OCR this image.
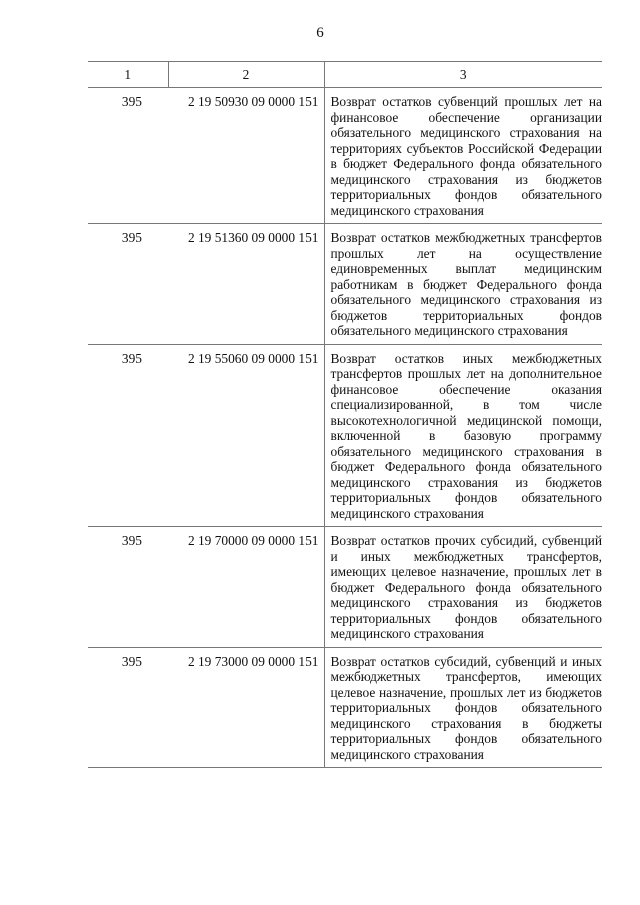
6
1	2	3
395	2 19 50930 09 0000 151	Возврат остатков субвенций прошлых лет на финансовое обеспечение организации обязательного медицинского страхования на территориях субъектов Российской Федерации в бюджет Федерального фонда обязательного медицинского страхования из бюджетов территориальных фондов обязательного медицинского страхования
395	2 19 51360 09 0000 151	Возврат остатков межбюджетных трансфертов прошлых лет на осуществление единовременных выплат медицинским работникам в бюджет Федерального фонда обязательного медицинского страхования из бюджетов территориальных фондов обязательного медицинского страхования
395	2 19 55060 09 0000 151	Возврат остатков иных межбюджетных трансфертов прошлых лет на дополнительное финансовое обеспечение оказания специализированной, в том числе высокотехнологичной медицинской помощи, включенной в базовую программу обязательного медицинского страхования в бюджет Федерального фонда обязательного медицинского страхования из бюджетов территориальных фондов обязательного медицинского страхования
395	2 19 70000 09 0000 151	Возврат остатков прочих субсидий, субвенций и иных межбюджетных трансфертов, имеющих целевое назначение, прошлых лет в бюджет Федерального фонда обязательного медицинского страхования из бюджетов территориальных фондов обязательного медицинского страхования
395	2 19 73000 09 0000 151	Возврат остатков субсидий, субвенций и иных межбюджетных трансфертов, имеющих целевое назначение, прошлых лет из бюджетов территориальных фондов обязательного медицинского страхования в бюджеты территориальных фондов обязательного медицинского страхования
